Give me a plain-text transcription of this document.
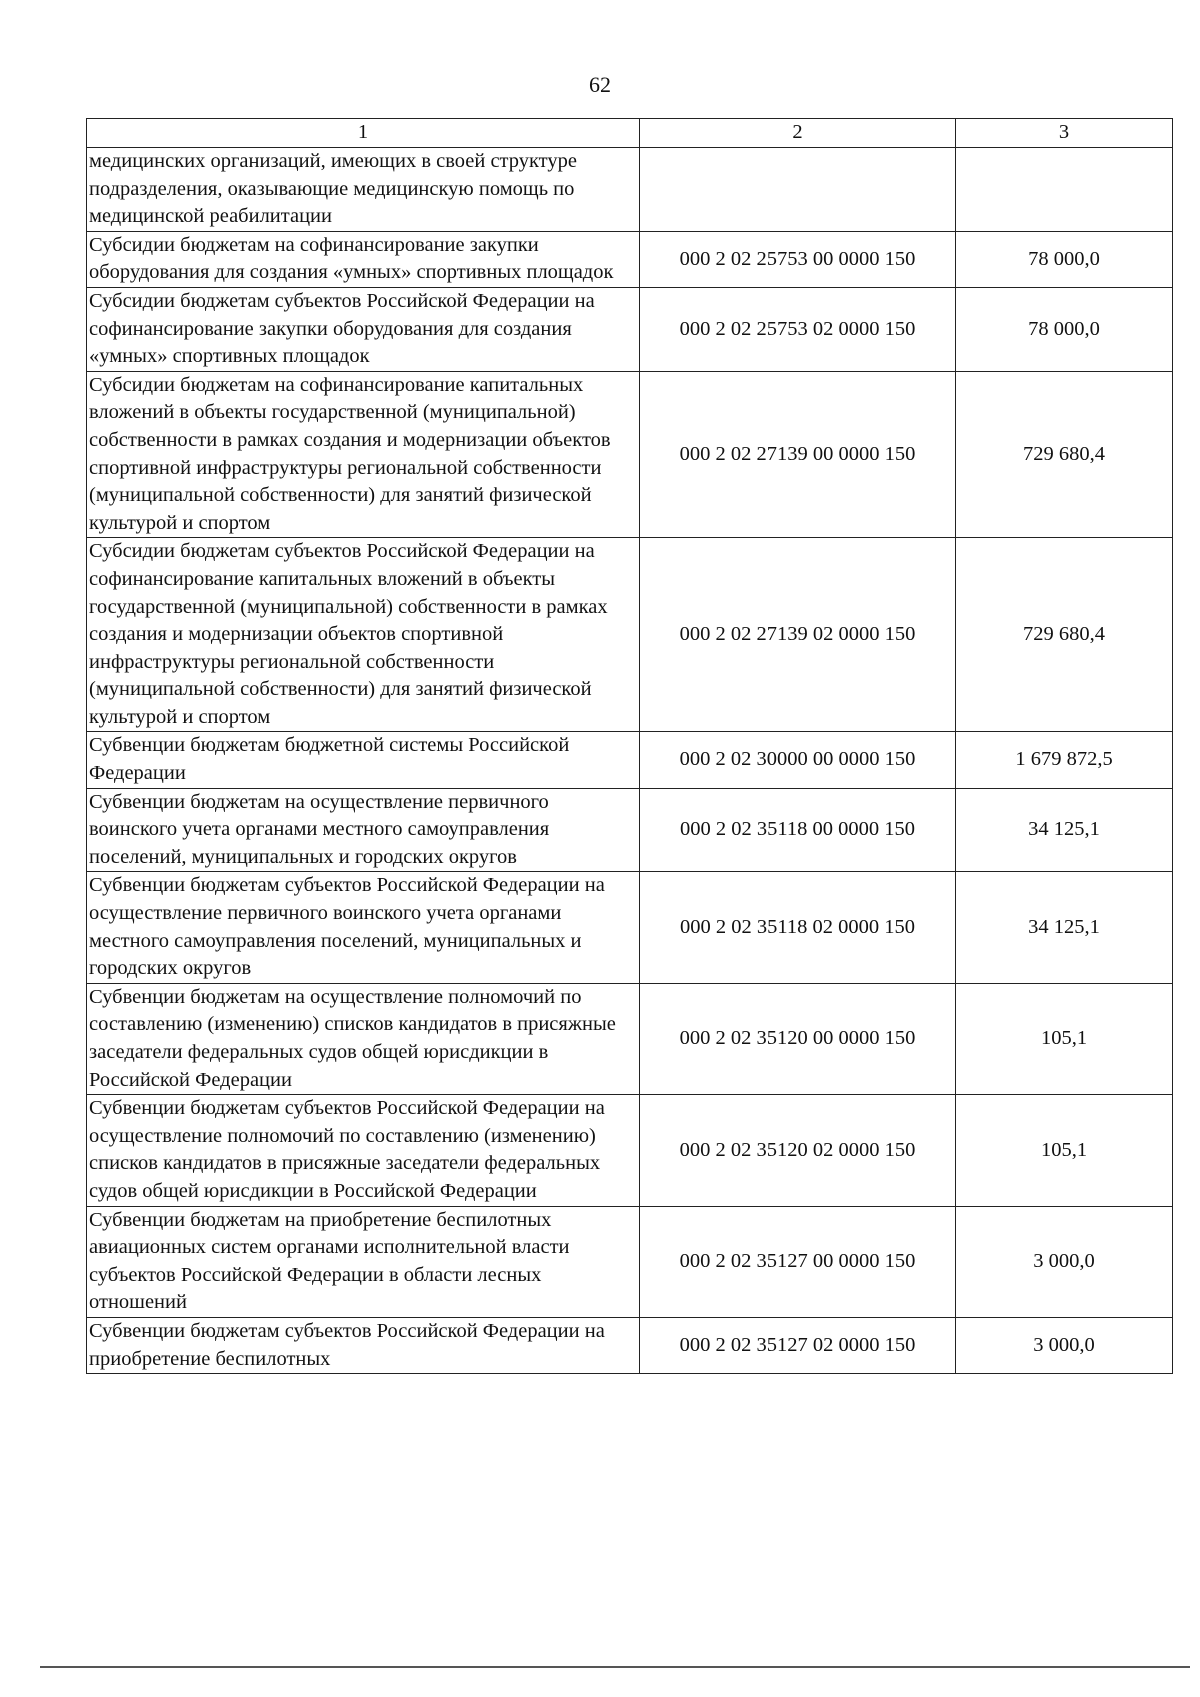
62
1	2	3
медицинских организаций, имеющих в своей структуре подразделения, оказывающие медицинскую помощь по медицинской реабилитации		
Субсидии бюджетам на софинансирование закупки оборудования для создания «умных» спортивных площадок	000 2 02 25753 00 0000 150	78 000,0
Субсидии бюджетам субъектов Российской Федерации на софинансирование закупки оборудования для создания «умных» спортивных площадок	000 2 02 25753 02 0000 150	78 000,0
Субсидии бюджетам на софинансирование капитальных вложений в объекты государственной (муниципальной) собственности в рамках создания и модернизации объектов спортивной инфраструктуры региональной собственности (муниципальной собственности) для занятий физической культурой и спортом	000 2 02 27139 00 0000 150	729 680,4
Субсидии бюджетам субъектов Российской Федерации на софинансирование капитальных вложений в объекты государственной (муниципальной) собственности в рамках создания и модернизации объектов спортивной инфраструктуры региональной собственности (муниципальной собственности) для занятий физической культурой и спортом	000 2 02 27139 02 0000 150	729 680,4
Субвенции бюджетам бюджетной системы Российской Федерации	000 2 02 30000 00 0000 150	1 679 872,5
Субвенции бюджетам на осуществление первичного воинского учета органами местного самоуправления поселений, муниципальных и городских округов	000 2 02 35118 00 0000 150	34 125,1
Субвенции бюджетам субъектов Российской Федерации на осуществление первичного воинского учета органами местного самоуправления поселений, муниципальных и городских округов	000 2 02 35118 02 0000 150	34 125,1
Субвенции бюджетам на осуществление полномочий по составлению (изменению) списков кандидатов в присяжные заседатели федеральных судов общей юрисдикции в Российской Федерации	000 2 02 35120 00 0000 150	105,1
Субвенции бюджетам субъектов Российской Федерации на осуществление полномочий по составлению (изменению) списков кандидатов в присяжные заседатели федеральных судов общей юрисдикции в Российской Федерации	000 2 02 35120 02 0000 150	105,1
Субвенции бюджетам на приобретение беспилотных авиационных систем органами исполнительной власти субъектов Российской Федерации в области лесных отношений	000 2 02 35127 00 0000 150	3 000,0
Субвенции бюджетам субъектов Российской Федерации на приобретение беспилотных	000 2 02 35127 02 0000 150	3 000,0
